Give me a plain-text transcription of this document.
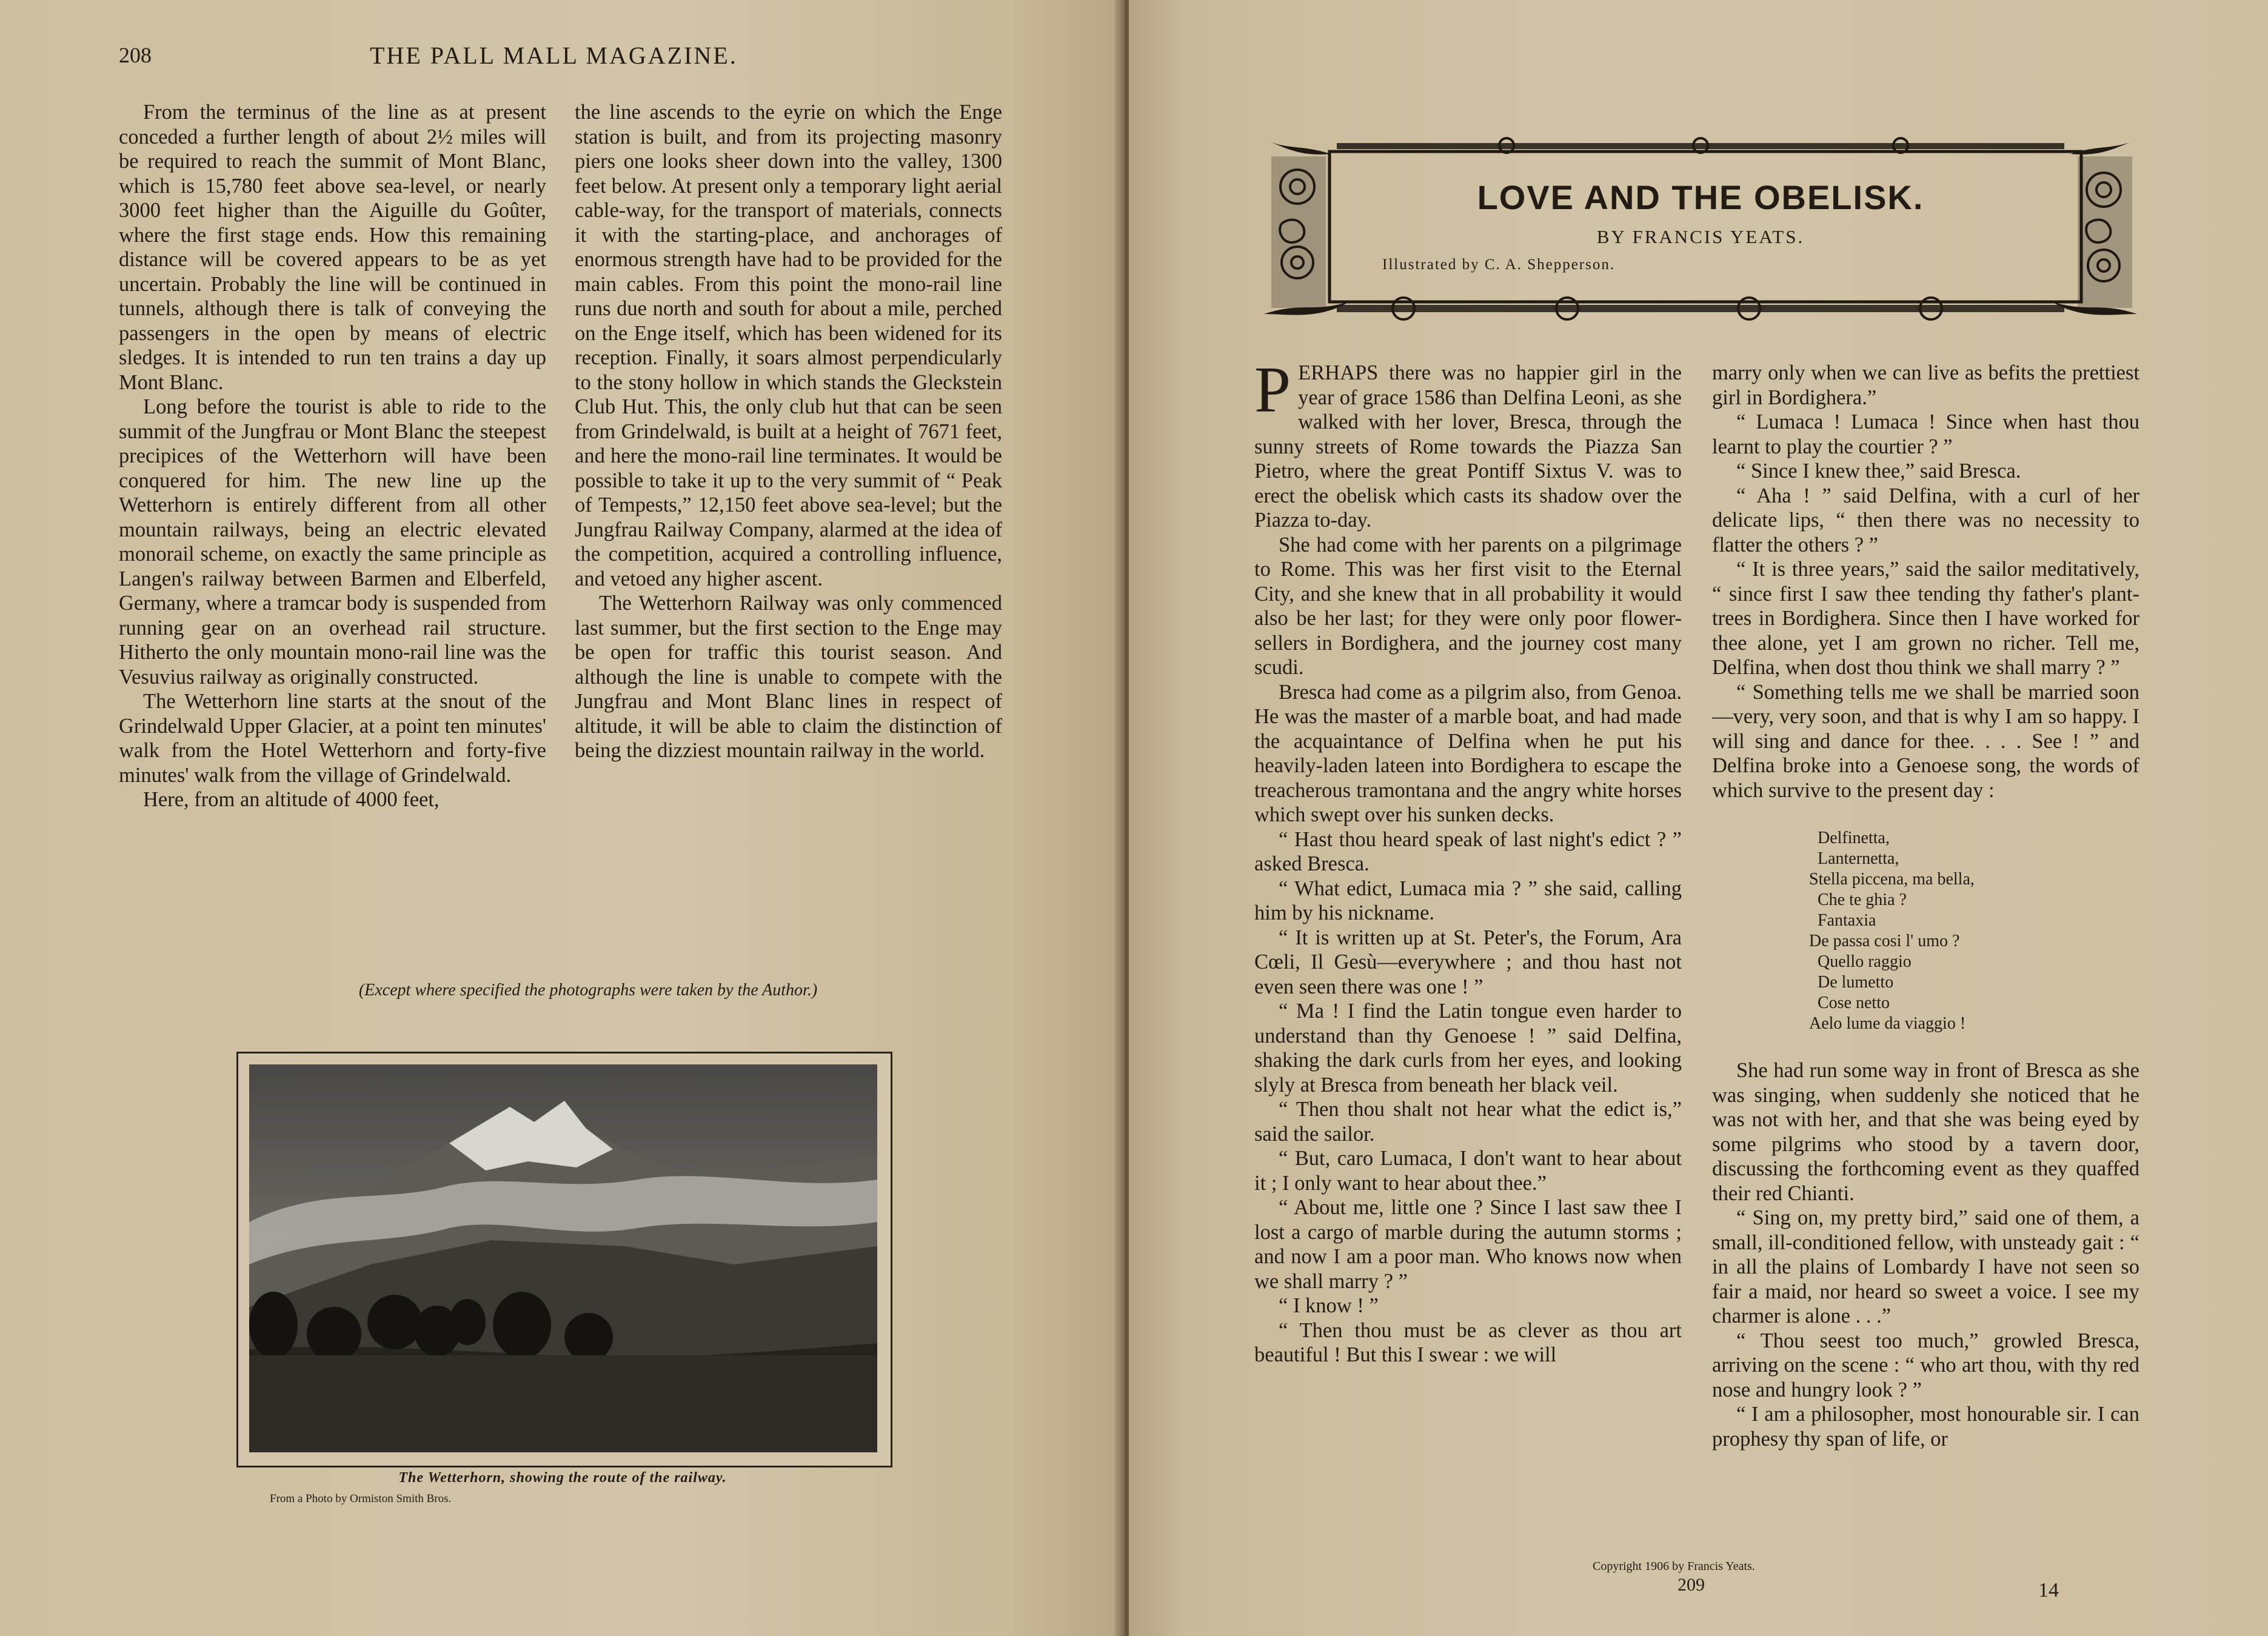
208	THE PALL MALL MAGAZINE.

From the terminus of the line as at present conceded a further length of about 2½ miles will be required to reach the summit of Mont Blanc, which is 15,780 feet above sea-level, or nearly 3000 feet higher than the Aiguille du Goûter, where the first stage ends. How this remaining distance will be covered appears to be as yet uncertain. Probably the line will be continued in tunnels, although there is talk of conveying the passengers in the open by means of electric sledges. It is intended to run ten trains a day up Mont Blanc.

Long before the tourist is able to ride to the summit of the Jungfrau or Mont Blanc the steepest precipices of the Wetterhorn will have been conquered for him. The new line up the Wetterhorn is entirely different from all other mountain railways, being an electric elevated monorail scheme, on exactly the same principle as Langen's railway between Barmen and Elberfeld, Germany, where a tramcar body is suspended from running gear on an overhead rail structure. Hitherto the only mountain mono-rail line was the Vesuvius railway as originally constructed.

The Wetterhorn line starts at the snout of the Grindelwald Upper Glacier, at a point ten minutes' walk from the Hotel Wetterhorn and forty-five minutes' walk from the village of Grindelwald.

Here, from an altitude of 4000 feet,

the line ascends to the eyrie on which the Enge station is built, and from its projecting masonry piers one looks sheer down into the valley, 1300 feet below. At present only a temporary light aerial cable-way, for the transport of materials, connects it with the starting-place, and anchorages of enormous strength have had to be provided for the main cables. From this point the mono-rail line runs due north and south for about a mile, perched on the Enge itself, which has been widened for its reception. Finally, it soars almost perpendicularly to the stony hollow in which stands the Gleckstein Club Hut. This, the only club hut that can be seen from Grindelwald, is built at a height of 7671 feet, and here the mono-rail line terminates. It would be possible to take it up to the very summit of “ Peak of Tempests,” 12,150 feet above sea-level; but the Jungfrau Railway Company, alarmed at the idea of the competition, acquired a controlling influence, and vetoed any higher ascent.

The Wetterhorn Railway was only commenced last summer, but the first section to the Enge may be open for traffic this tourist season. And although the line is unable to compete with the Jungfrau and Mont Blanc lines in respect of altitude, it will be able to claim the distinction of being the dizziest mountain railway in the world.

(Except where specified the photographs were taken by the Author.)
The Wetterhorn, showing the route of the railway.
From a Photo by Ormiston Smith Bros.
LOVE AND THE OBELISK.
BY FRANCIS YEATS.
Illustrated by C. A. Shepperson.

PERHAPS there was no happier girl in the year of grace 1586 than Delfina Leoni, as she walked with her lover, Bresca, through the sunny streets of Rome towards the Piazza San Pietro, where the great Pontiff Sixtus V. was to erect the obelisk which casts its shadow over the Piazza to-day.

She had come with her parents on a pilgrimage to Rome. This was her first visit to the Eternal City, and she knew that in all probability it would also be her last; for they were only poor flower-sellers in Bordighera, and the journey cost many scudi.

Bresca had come as a pilgrim also, from Genoa. He was the master of a marble boat, and had made the acquaintance of Delfina when he put his heavily-laden lateen into Bordighera to escape the treacherous tramontana and the angry white horses which swept over his sunken decks.

“ Hast thou heard speak of last night's edict ? ” asked Bresca.

“ What edict, Lumaca mia ? ” she said, calling him by his nickname.

“ It is written up at St. Peter's, the Forum, Ara Cœli, Il Gesù—everywhere ; and thou hast not even seen there was one ! ”

“ Ma ! I find the Latin tongue even harder to understand than thy Genoese ! ” said Delfina, shaking the dark curls from her eyes, and looking slyly at Bresca from beneath her black veil.

“ Then thou shalt not hear what the edict is,” said the sailor.

“ But, caro Lumaca, I don't want to hear about it ; I only want to hear about thee.”

“ About me, little one ? Since I last saw thee I lost a cargo of marble during the autumn storms ; and now I am a poor man. Who knows now when we shall marry ? ”

“ I know ! ”

“ Then thou must be as clever as thou art beautiful ! But this I swear : we will

marry only when we can live as befits the prettiest girl in Bordighera.”

“ Lumaca ! Lumaca ! Since when hast thou learnt to play the courtier ? ”

“ Since I knew thee,” said Bresca.

“ Aha ! ” said Delfina, with a curl of her delicate lips, “ then there was no necessity to flatter the others ? ”

“ It is three years,” said the sailor meditatively, “ since first I saw thee tending thy father's plant-trees in Bordighera. Since then I have worked for thee alone, yet I am grown no richer. Tell me, Delfina, when dost thou think we shall marry ? ”

“ Something tells me we shall be married soon—very, very soon, and that is why I am so happy. I will sing and dance for thee. . . . See ! ” and Delfina broke into a Genoese song, the words of which survive to the present day :

Delfinetta,
Lanternetta,
Stella piccena, ma bella,
Che te ghia ?
Fantaxia
De passa cosi l' umo ?
Quello raggio
De lumetto
Cose netto
Aelo lume da viaggio !

She had run some way in front of Bresca as she was singing, when suddenly she noticed that he was not with her, and that she was being eyed by some pilgrims who stood by a tavern door, discussing the forthcoming event as they quaffed their red Chianti.

“ Sing on, my pretty bird,” said one of them, a small, ill-conditioned fellow, with unsteady gait : “ in all the plains of Lombardy I have not seen so fair a maid, nor heard so sweet a voice. I see my charmer is alone . . .”

“ Thou seest too much,” growled Bresca, arriving on the scene : “ who art thou, with thy red nose and hungry look ? ”

“ I am a philosopher, most honourable sir. I can prophesy thy span of life, or

Copyright 1906 by Francis Yeats.
209	14
